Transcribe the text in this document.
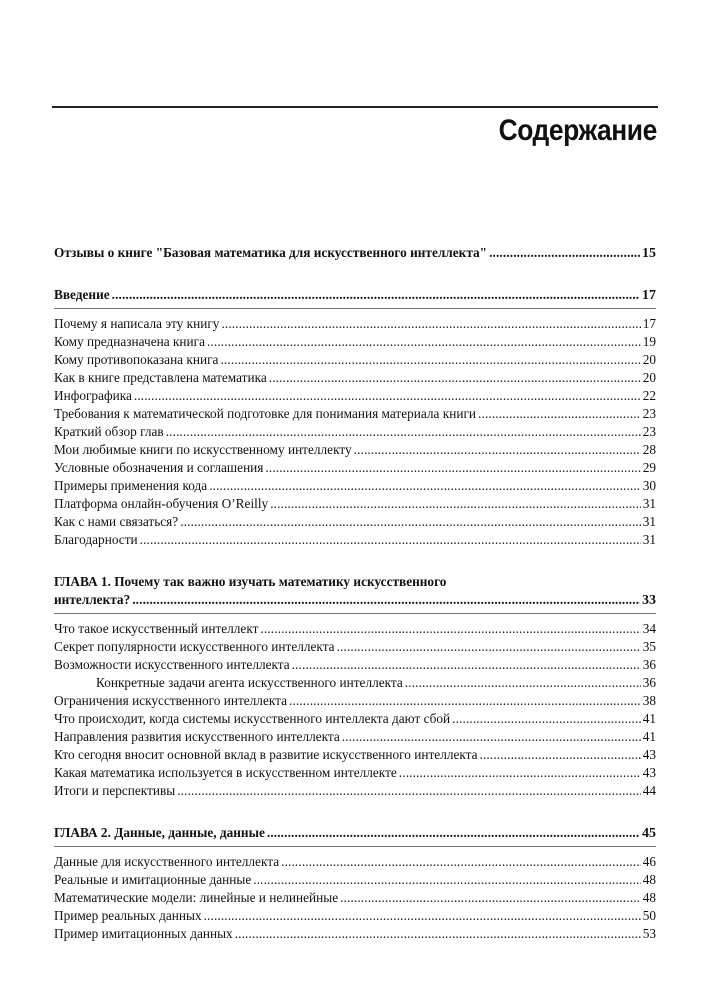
Содержание
Отзывы о книге "Базовая математика для искусственного интеллекта" . . .	15
Введение . . .	17
Почему я написала эту книгу . . .	17
Кому предназначена книга . . .	19
Кому противопоказана книга . . .	20
Как в книге представлена математика . . .	20
Инфографика . . .	22
Требования к математической подготовке для понимания материала книги . . .	23
Краткий обзор глав . . .	23
Мои любимые книги по искусственному интеллекту . . .	28
Условные обозначения и соглашения . . .	29
Примеры применения кода . . .	30
Платформа онлайн-обучения O’Reilly . . .	31
Как с нами связаться? . . .	31
Благодарности . . .	31
ГЛАВА 1. Почему так важно изучать математику искусственного
интеллекта? . . .	33
Что такое искусственный интеллект . . .	34
Секрет популярности искусственного интеллекта . . .	35
Возможности искусственного интеллекта . . .	36
Конкретные задачи агента искусственного интеллекта . . .	36
Ограничения искусственного интеллекта . . .	38
Что происходит, когда системы искусственного интеллекта дают сбой . . .	41
Направления развития искусственного интеллекта . . .	41
Кто сегодня вносит основной вклад в развитие искусственного интеллекта . . .	43
Какая математика используется в искусственном интеллекте . . .	43
Итоги и перспективы . . .	44
ГЛАВА 2. Данные, данные, данные . . .	45
Данные для искусственного интеллекта . . .	46
Реальные и имитационные данные . . .	48
Математические модели: линейные и нелинейные . . .	48
Пример реальных данных . . .	50
Пример имитационных данных . . .	53
